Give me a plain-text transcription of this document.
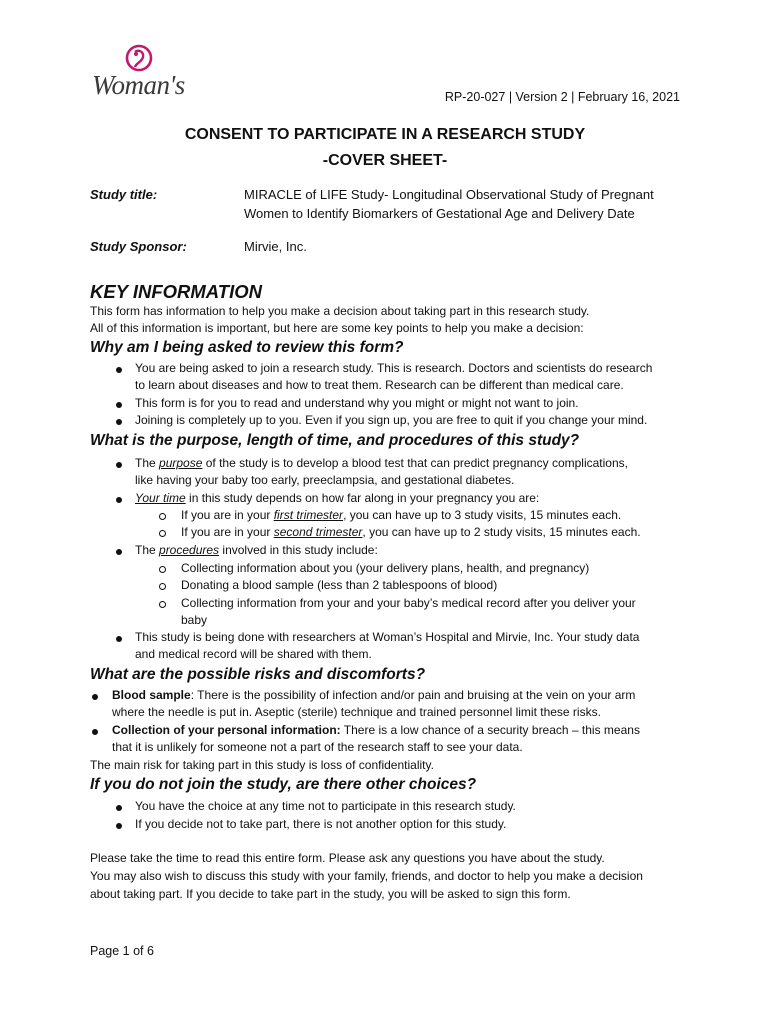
Woman's	RP-20-027 | Version 2 | February 16, 2021
CONSENT TO PARTICIPATE IN A RESEARCH STUDY
-COVER SHEET-
Study title:	MIRACLE of LIFE Study- Longitudinal Observational Study of Pregnant
Women to Identify Biomarkers of Gestational Age and Delivery Date
Study Sponsor:	Mirvie, Inc.
KEY INFORMATION
This form has information to help you make a decision about taking part in this research study.
All of this information is important, but here are some key points to help you make a decision:
Why am I being asked to review this form?
You are being asked to join a research study. This is research. Doctors and scientists do research
to learn about diseases and how to treat them. Research can be different than medical care.
This form is for you to read and understand why you might or might not want to join.
Joining is completely up to you. Even if you sign up, you are free to quit if you change your mind.
What is the purpose, length of time, and procedures of this study?
The purpose of the study is to develop a blood test that can predict pregnancy complications,
like having your baby too early, preeclampsia, and gestational diabetes.
Your time in this study depends on how far along in your pregnancy you are:
If you are in your first trimester, you can have up to 3 study visits, 15 minutes each.
If you are in your second trimester, you can have up to 2 study visits, 15 minutes each.
The procedures involved in this study include:
Collecting information about you (your delivery plans, health, and pregnancy)
Donating a blood sample (less than 2 tablespoons of blood)
Collecting information from your and your baby’s medical record after you deliver your
baby
This study is being done with researchers at Woman’s Hospital and Mirvie, Inc. Your study data
and medical record will be shared with them.
What are the possible risks and discomforts?
Blood sample: There is the possibility of infection and/or pain and bruising at the vein on your arm
where the needle is put in. Aseptic (sterile) technique and trained personnel limit these risks.
Collection of your personal information: There is a low chance of a security breach – this means
that it is unlikely for someone not a part of the research staff to see your data.
The main risk for taking part in this study is loss of confidentiality.
If you do not join the study, are there other choices?
You have the choice at any time not to participate in this research study.
If you decide not to take part, there is not another option for this study.
Please take the time to read this entire form. Please ask any questions you have about the study.
You may also wish to discuss this study with your family, friends, and doctor to help you make a decision
about taking part. If you decide to take part in the study, you will be asked to sign this form.
Page 1 of 6
